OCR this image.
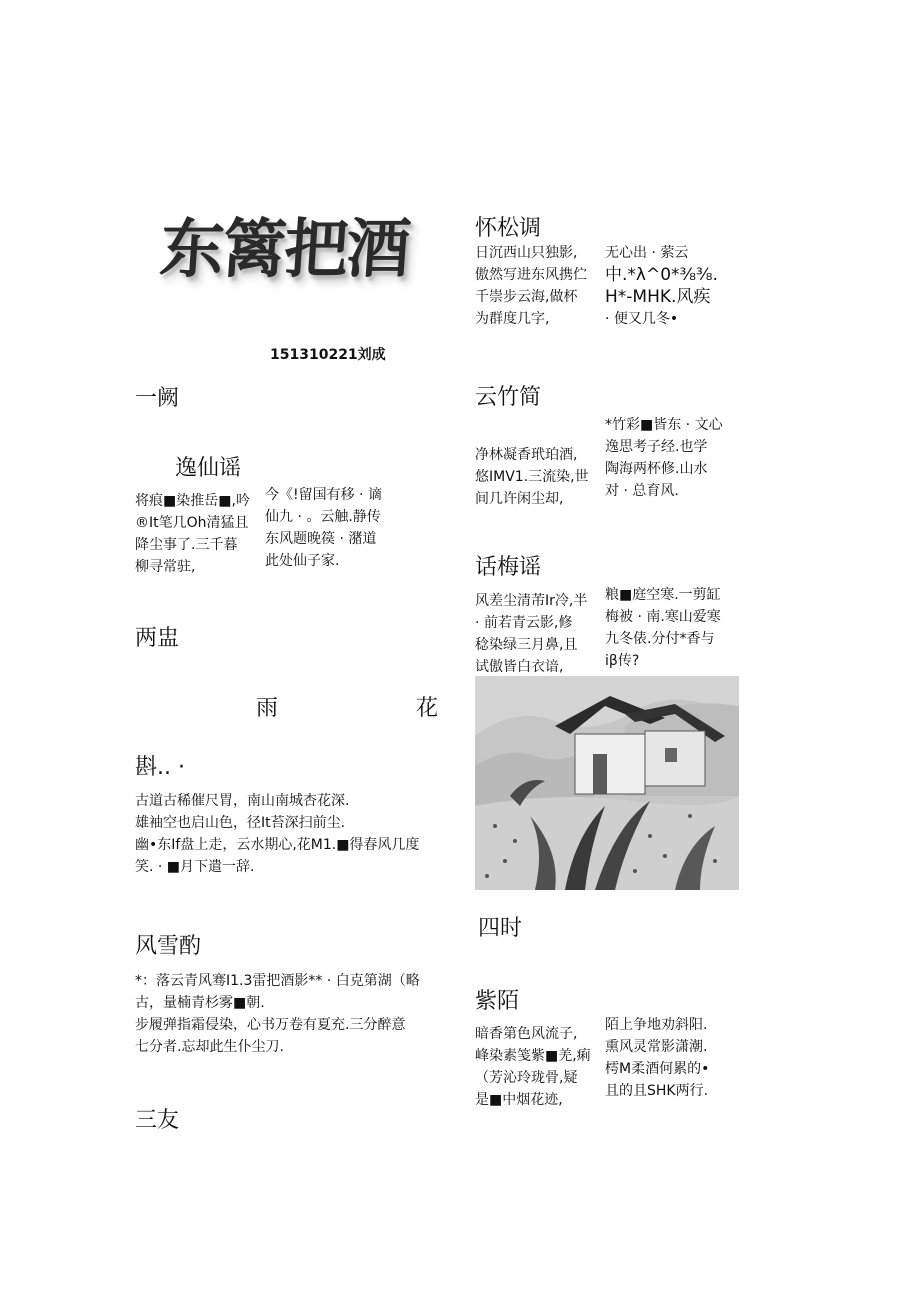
东篱把酒
151310221刘成
一阙
逸仙谣
将痕■染推岳■,吟
®It笔几Oh清猛且
降尘事了.三千暮
柳寻常驻,
今《!留国有移 · 谪
仙九 · 。云触.静传
东风题晚篌 · 潴道
此处仙子家.
两盅
雨	花
斟.. ·
古道古稀催尺胃，南山南城杏花深.
雄袖空也启山色，径It苔深扫前尘.
幽•东If盘上走，云水期心,花M1.■得春风几度
笑. · ■月下遣一辞.
风雪酌
*：落云青风骞I1.3雷把酒影** · 白克第湖（略
古，量楠青杉雾■朝.
步履弹指霜侵染，心书万卷有夏充.三分醉意
七分者.忘却此生仆尘刀.
三友
怀松调
日沉西山只独影,
傲然写进东风携伫
千崇步云海,做杯
为群度几字,
无心出 · 萦云
中.*λ^0*⅜⅜.
H*-MHK.风疾
· 便又几冬•
云竹简
净林凝香玳珀酒,
悠IMV1.三流染,世
间几许闲尘却,
*竹彩■皆东 · 文心
逸思考子经.也学
陶海两杯修.山水
对 · 总育风.
话梅谣
风差尘清芾Ir冷,半
· 前若青云影,修
稔染绿三月鼻,且
试傲皆白衣谙,
粮■庭空寒.一剪缸
梅被 · 南.寒山爱寒
九冬俵.分付*香与
iβ传?
四时
紫陌
暗香第色风流子,
峰染素笺紫■羌,痢
（芳沁玲珑骨,疑
是■中烟花迹,
陌上争地劝斜阳.
熏风灵常影潇潮.
樗M柔酒何累的•
且的且SHK两行.
